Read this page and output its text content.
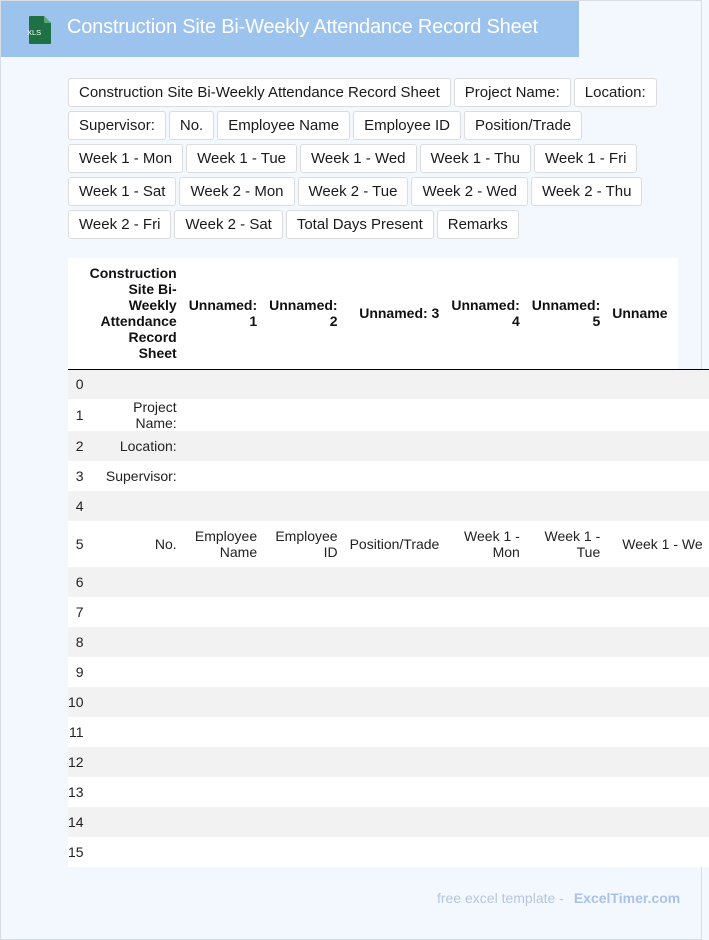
XLS Construction Site Bi-Weekly Attendance Record Sheet
Construction Site Bi-Weekly Attendance Record Sheet	Project Name:	Location:
Supervisor:	No.	Employee Name	Employee ID	Position/Trade
Week 1 - Mon	Week 1 - Tue	Week 1 - Wed	Week 1 - Thu	Week 1 - Fri
Week 1 - Sat	Week 2 - Mon	Week 2 - Tue	Week 2 - Wed	Week 2 - Thu
Week 2 - Fri	Week 2 - Sat	Total Days Present	Remarks
	Construction Site Bi-Weekly Attendance Record Sheet	Unnamed: 1	Unnamed: 2	Unnamed: 3	Unnamed: 4	Unnamed: 5	Unname
0							
1	Project Name:						
2	Location:						
3	Supervisor:						
4							
5	No.	Employee Name	Employee ID	Position/Trade	Week 1 - Mon	Week 1 - Tue	Week 1 - We
6							
7							
8							
9							
10							
11							
12							
13							
14							
15							
free excel template - ExcelTimer.com
